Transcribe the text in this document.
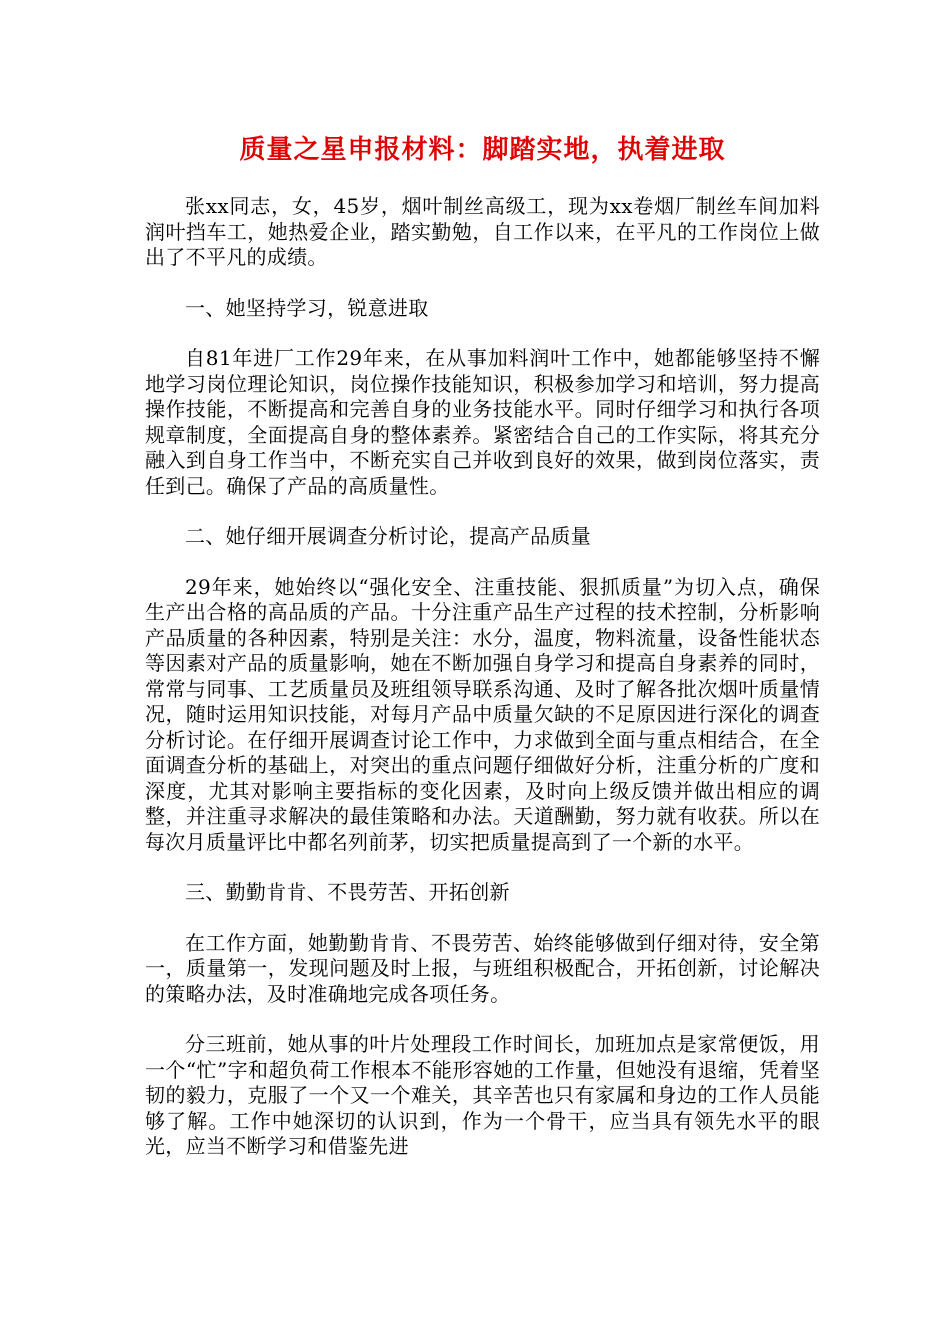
质量之星申报材料：脚踏实地，执着进取

张xx同志，女，45岁，烟叶制丝高级工，现为xx卷烟厂制丝车间加料润叶挡车工，她热爱企业，踏实勤勉，自工作以来，在平凡的工作岗位上做出了不平凡的成绩。

一、她坚持学习，锐意进取

自81年进厂工作29年来，在从事加料润叶工作中，她都能够坚持不懈地学习岗位理论知识，岗位操作技能知识，积极参加学习和培训，努力提高操作技能，不断提高和完善自身的业务技能水平。同时仔细学习和执行各项规章制度，全面提高自身的整体素养。紧密结合自己的工作实际，将其充分融入到自身工作当中，不断充实自己并收到良好的效果，做到岗位落实，责任到己。确保了产品的高质量性。

二、她仔细开展调查分析讨论，提高产品质量

29年来，她始终以“强化安全、注重技能、狠抓质量”为切入点，确保生产出合格的高品质的产品。十分注重产品生产过程的技术控制，分析影响产品质量的各种因素，特别是关注：水分，温度，物料流量，设备性能状态等因素对产品的质量影响，她在不断加强自身学习和提高自身素养的同时，常常与同事、工艺质量员及班组领导联系沟通、及时了解各批次烟叶质量情况，随时运用知识技能，对每月产品中质量欠缺的不足原因进行深化的调查分析讨论。在仔细开展调查讨论工作中，力求做到全面与重点相结合，在全面调查分析的基础上，对突出的重点问题仔细做好分析，注重分析的广度和深度，尤其对影响主要指标的变化因素，及时向上级反馈并做出相应的调整，并注重寻求解决的最佳策略和办法。天道酬勤，努力就有收获。所以在每次月质量评比中都名列前茅，切实把质量提高到了一个新的水平。

三、勤勤肯肯、不畏劳苦、开拓创新

在工作方面，她勤勤肯肯、不畏劳苦、始终能够做到仔细对待，安全第一，质量第一，发现问题及时上报，与班组积极配合，开拓创新，讨论解决的策略办法，及时准确地完成各项任务。

分三班前，她从事的叶片处理段工作时间长，加班加点是家常便饭，用一个“忙”字和超负荷工作根本不能形容她的工作量，但她没有退缩，凭着坚韧的毅力，克服了一个又一个难关，其辛苦也只有家属和身边的工作人员能够了解。工作中她深切的认识到，作为一个骨干，应当具有领先水平的眼光，应当不断学习和借鉴先进
